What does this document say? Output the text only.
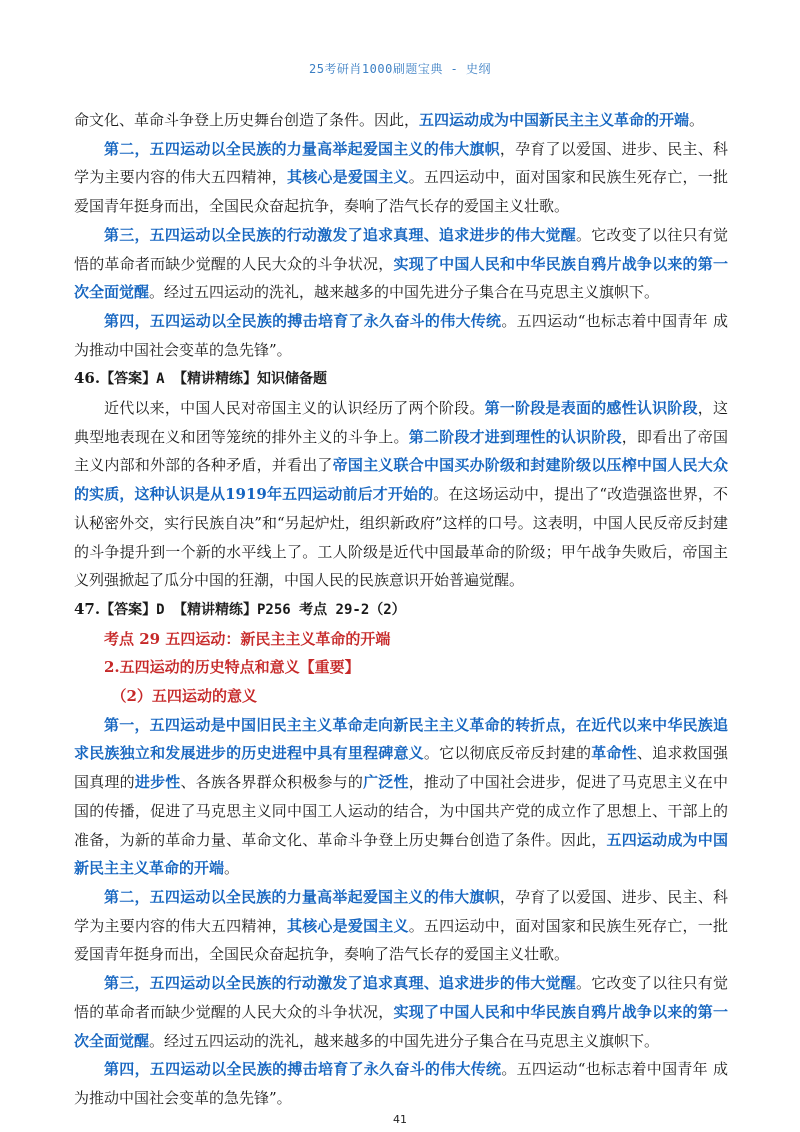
25考研肖1000刷题宝典 - 史纲

命文化、革命斗争登上历史舞台创造了条件。因此，五四运动成为中国新民主主义革命的开端。

第二，五四运动以全民族的力量高举起爱国主义的伟大旗帜，孕育了以爱国、进步、民主、科学为主要内容的伟大五四精神，其核心是爱国主义。五四运动中，面对国家和民族生死存亡，一批爱国青年挺身而出，全国民众奋起抗争，奏响了浩气长存的爱国主义壮歌。

第三，五四运动以全民族的行动激发了追求真理、追求进步的伟大觉醒。它改变了以往只有觉悟的革命者而缺少觉醒的人民大众的斗争状况，实现了中国人民和中华民族自鸦片战争以来的第一次全面觉醒。经过五四运动的洗礼，越来越多的中国先进分子集合在马克思主义旗帜下。

第四，五四运动以全民族的搏击培育了永久奋斗的伟大传统。五四运动“也标志着中国青年 成为推动中国社会变革的急先锋”。

46.【答案】A 【精讲精练】知识储备题

近代以来，中国人民对帝国主义的认识经历了两个阶段。第一阶段是表面的感性认识阶段，这典型地表现在义和团等笼统的排外主义的斗争上。第二阶段才进到理性的认识阶段，即看出了帝国主义内部和外部的各种矛盾，并看出了帝国主义联合中国买办阶级和封建阶级以压榨中国人民大众的实质，这种认识是从1919年五四运动前后才开始的。在这场运动中，提出了“改造强盗世界，不认秘密外交，实行民族自决”和“另起炉灶，组织新政府”这样的口号。这表明，中国人民反帝反封建的斗争提升到一个新的水平线上了。工人阶级是近代中国最革命的阶级；甲午战争失败后，帝国主义列强掀起了瓜分中国的狂潮，中国人民的民族意识开始普遍觉醒。

47.【答案】D 【精讲精练】P256 考点 29-2（2）

考点 29 五四运动：新民主主义革命的开端

2.五四运动的历史特点和意义【重要】

（2）五四运动的意义

第一，五四运动是中国旧民主主义革命走向新民主主义革命的转折点，在近代以来中华民族追求民族独立和发展进步的历史进程中具有里程碑意义。它以彻底反帝反封建的革命性、追求救国强国真理的进步性、各族各界群众积极参与的广泛性，推动了中国社会进步，促进了马克思主义在中国的传播，促进了马克思主义同中国工人运动的结合，为中国共产党的成立作了思想上、干部上的准备，为新的革命力量、革命文化、革命斗争登上历史舞台创造了条件。因此，五四运动成为中国新民主主义革命的开端。

第二，五四运动以全民族的力量高举起爱国主义的伟大旗帜，孕育了以爱国、进步、民主、科学为主要内容的伟大五四精神，其核心是爱国主义。五四运动中，面对国家和民族生死存亡，一批爱国青年挺身而出，全国民众奋起抗争，奏响了浩气长存的爱国主义壮歌。

第三，五四运动以全民族的行动激发了追求真理、追求进步的伟大觉醒。它改变了以往只有觉悟的革命者而缺少觉醒的人民大众的斗争状况，实现了中国人民和中华民族自鸦片战争以来的第一次全面觉醒。经过五四运动的洗礼，越来越多的中国先进分子集合在马克思主义旗帜下。

第四，五四运动以全民族的搏击培育了永久奋斗的伟大传统。五四运动“也标志着中国青年 成为推动中国社会变革的急先锋”。

41
